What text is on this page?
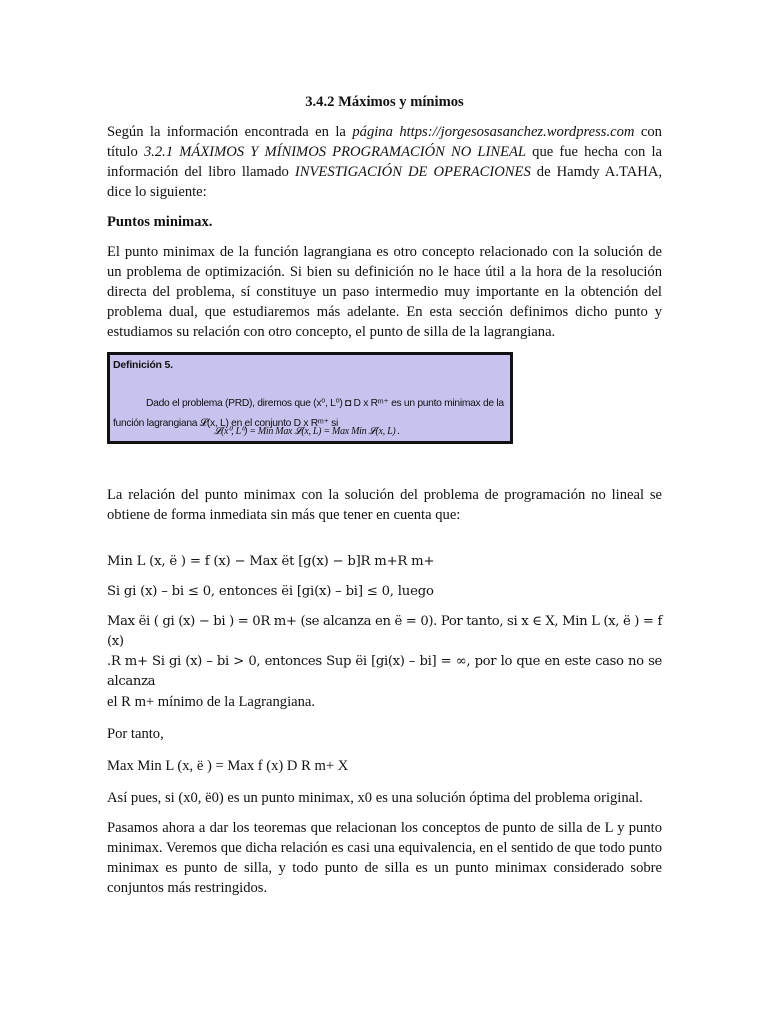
3.4.2 Máximos y mínimos

Según la información encontrada en la página https://jorgesosasanchez.wordpress.com con título 3.2.1 MÁXIMOS Y MÍNIMOS PROGRAMACIÓN NO LINEAL que fue hecha con la información del libro llamado INVESTIGACIÓN DE OPERACIONES de Hamdy A.TAHA, dice lo siguiente:

Puntos minimax.

El punto minimax de la función lagrangiana es otro concepto relacionado con la solución de un problema de optimización. Si bien su definición no le hace útil a la hora de la resolución directa del problema, sí constituye un paso intermedio muy importante en la obtención del problema dual, que estudiaremos más adelante. En esta sección definimos dicho punto y estudiamos su relación con otro concepto, el punto de silla de la lagrangiana.

Definición 5.
Dado el problema (PRD), diremos que (x⁰, L⁰) ◘ D x Rᵐ⁺ es un punto minimax de la
función lagrangiana 𝓛(x, L) en el conjunto D x Rᵐ⁺ si
𝓛(x⁰, L⁰) = Min Max 𝓛(x, L) = Max Min 𝓛(x, L) .

La relación del punto minimax con la solución del problema de programación no lineal se obtiene de forma inmediata sin más que tener en cuenta que:

Min L (x, ë ) = f (x) − Max ët [g(x) − b]R m+R m+

Si gi (x) – bi ≤ 0, entonces ëi [gi(x) – bi] ≤ 0, luego

Max ëi ( gi (x) − bi ) = 0R m+ (se alcanza en ë = 0). Por tanto, si x ∈ X, Min L (x, ë ) = f (x)

.R m+ Si gi (x) – bi > 0, entonces Sup ëi [gi(x) – bi] = ∞, por lo que en este caso no se alcanza

el R m+ mínimo de la Lagrangiana.

Por tanto,

Max Min L (x, ë ) = Max f (x) D R m+ X

Así pues, si (x0, ë0) es un punto minimax, x0 es una solución óptima del problema original.

Pasamos ahora a dar los teoremas que relacionan los conceptos de punto de silla de L y punto minimax. Veremos que dicha relación es casi una equivalencia, en el sentido de que todo punto minimax es punto de silla, y todo punto de silla es un punto minimax considerado sobre conjuntos más restringidos.
